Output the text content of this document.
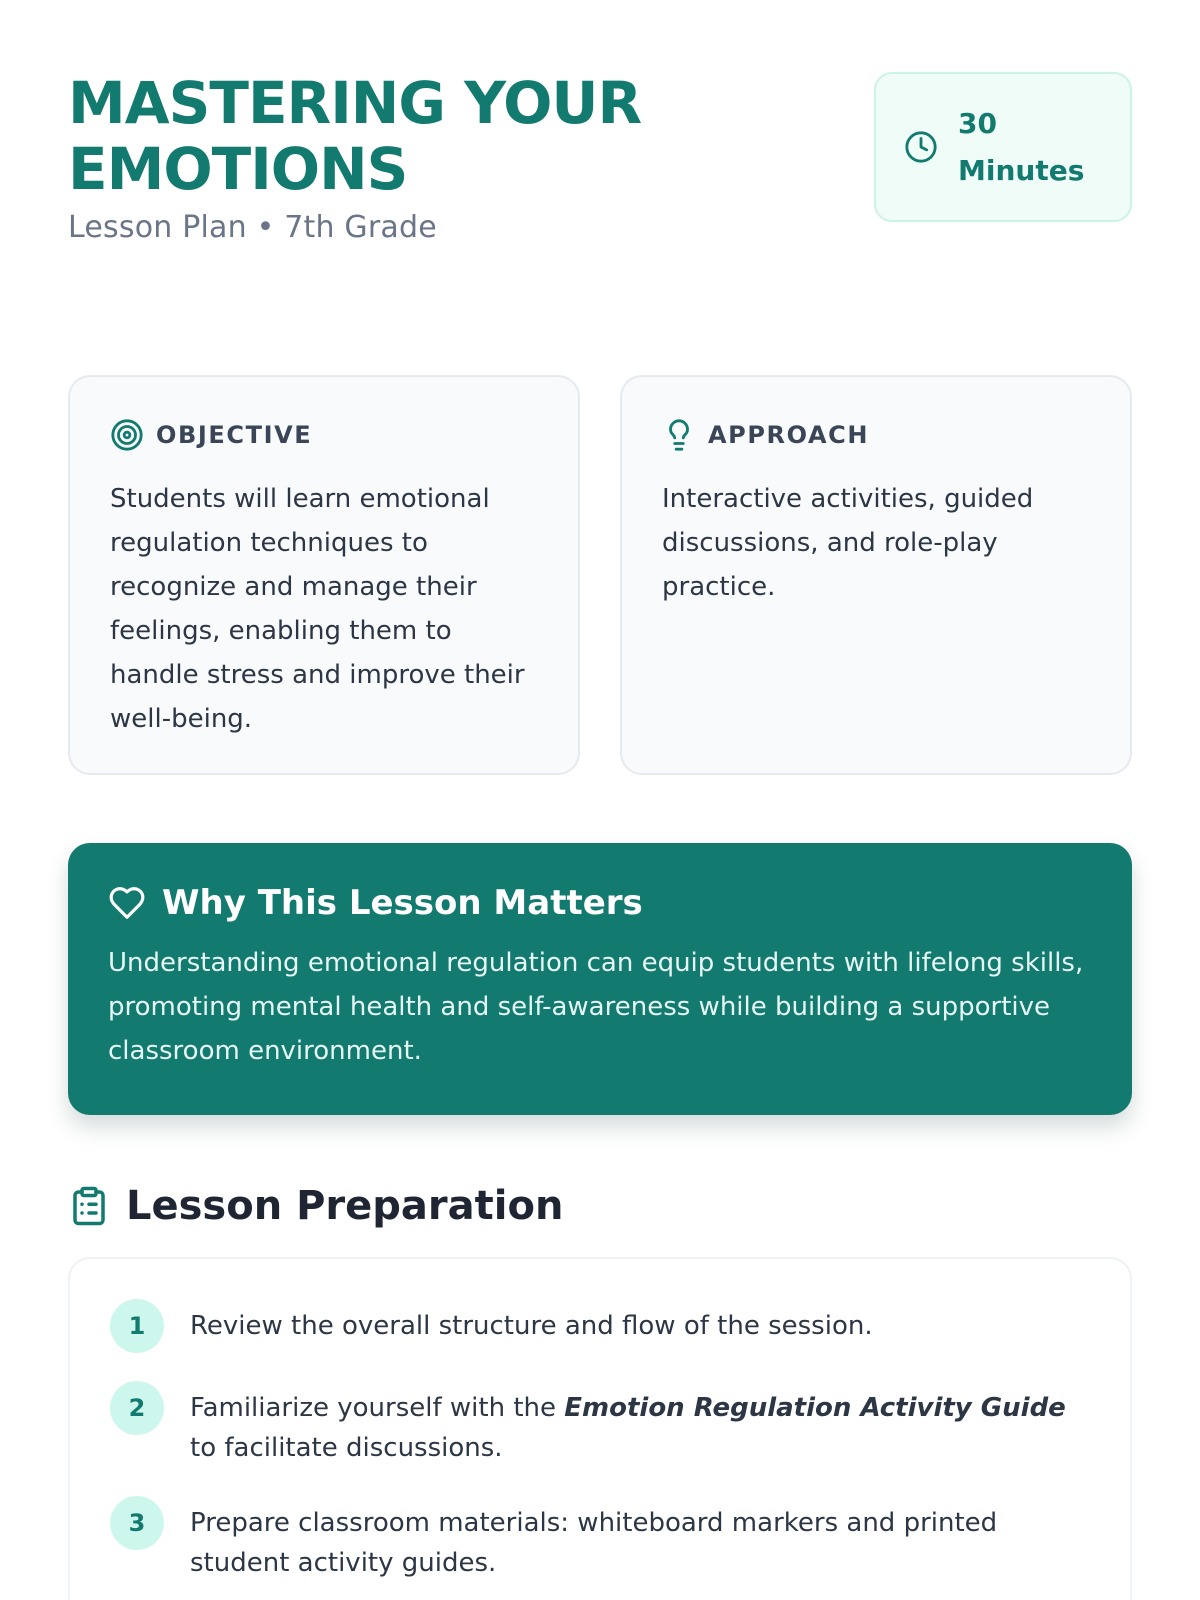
MASTERING YOUR
EMOTIONS
Lesson Plan • 7th Grade
30
Minutes
OBJECTIVE

Students will learn emotional regulation techniques to recognize and manage their feelings, enabling them to handle stress and improve their well-being.

APPROACH

Interactive activities, guided discussions, and role-play practice.

Why This Lesson Matters

Understanding emotional regulation can equip students with lifelong skills, promoting mental health and self-awareness while building a supportive classroom environment.

Lesson Preparation
1	Review the overall structure and flow of the session.
2	Familiarize yourself with the Emotion Regulation Activity Guide to facilitate discussions.
3	Prepare classroom materials: whiteboard markers and printed student activity guides.
